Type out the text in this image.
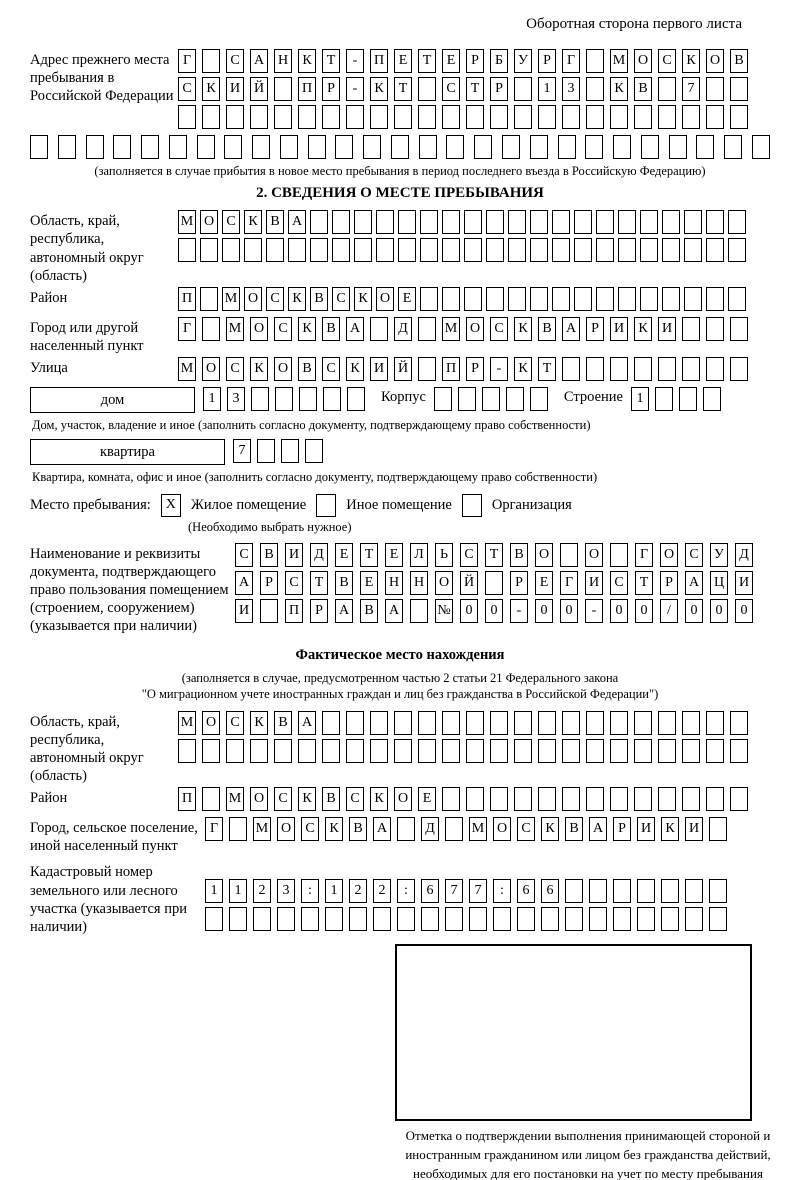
Оборотная сторона первого листа
Адрес прежнего места пребывания в Российской Федерации
Г	С	А Н	К	Т	-	П	Е	Т	Е	Р	Б	У	Р	Г	М О	С	К	О	В
С	К	И Й	П	Р	-	К	Т	С	Т	Р	1	3	К	В	7
(заполняется в случае прибытия в новое место пребывания в период последнего въезда в Российскую Федерацию)
2. СВЕДЕНИЯ О МЕСТЕ ПРЕБЫВАНИЯ
Область, край, республика, автономный округ (область)
М О С К В А
Район	П М О С К В С К О Е
Город или другой населенный пункт
Г	М О	С	К	В	А	Д	М О	С	К	В	А	Р	И	К	И
Улица	М О	С	К	О	В	С	К	И Й	П	Р	-	К	Т
дом	1	3	Корпус	Строение 1
Дом, участок, владение и иное (заполнить согласно документу, подтверждающему право собственности)
квартира	7
Квартира, комната, офис и иное (заполнить согласно документу, подтверждающему право собственности)
Место пребывания:	X	Жилое помещение	Иное помещение	Организация
(Необходимо выбрать нужное)
Наименование и реквизиты документа, подтверждающего право пользования помещением (строением, сооружением) (указывается при наличии)
С	В	И	Д	Е	Т	Е	Л	Ь	С	Т	В	О	О	Г	О	С	У	Д
А	Р	С	Т	В	Е	Н Н О Й	Р	Е	Г	И	С	Т	Р	А Ц И
И	П	Р	А	В	А	№	0	0	-	0	0	-	0	0	/	0	0	0
Фактическое место нахождения
(заполняется в случае, предусмотренном частью 2 статьи 21 Федерального закона
"О миграционном учете иностранных граждан и лиц без гражданства в Российской Федерации")
Область, край, республика, автономный округ (область)
М О	С	К	В	А
Район	П	М О	С	К	В	С	К	О	Е
Город, сельское поселение, иной населенный пункт
Г	М О	С	К	В	А	Д	М О	С	К	В	А	Р	И	К	И
Кадастровый номер земельного или лесного участка (указывается при наличии)
1	1	2	3	:	1	2	2	:	6	7	7	:	6	6
Отметка о подтверждении выполнения принимающей стороной и иностранным гражданином или лицом без гражданства действий, необходимых для его постановки на учет по месту пребывания
